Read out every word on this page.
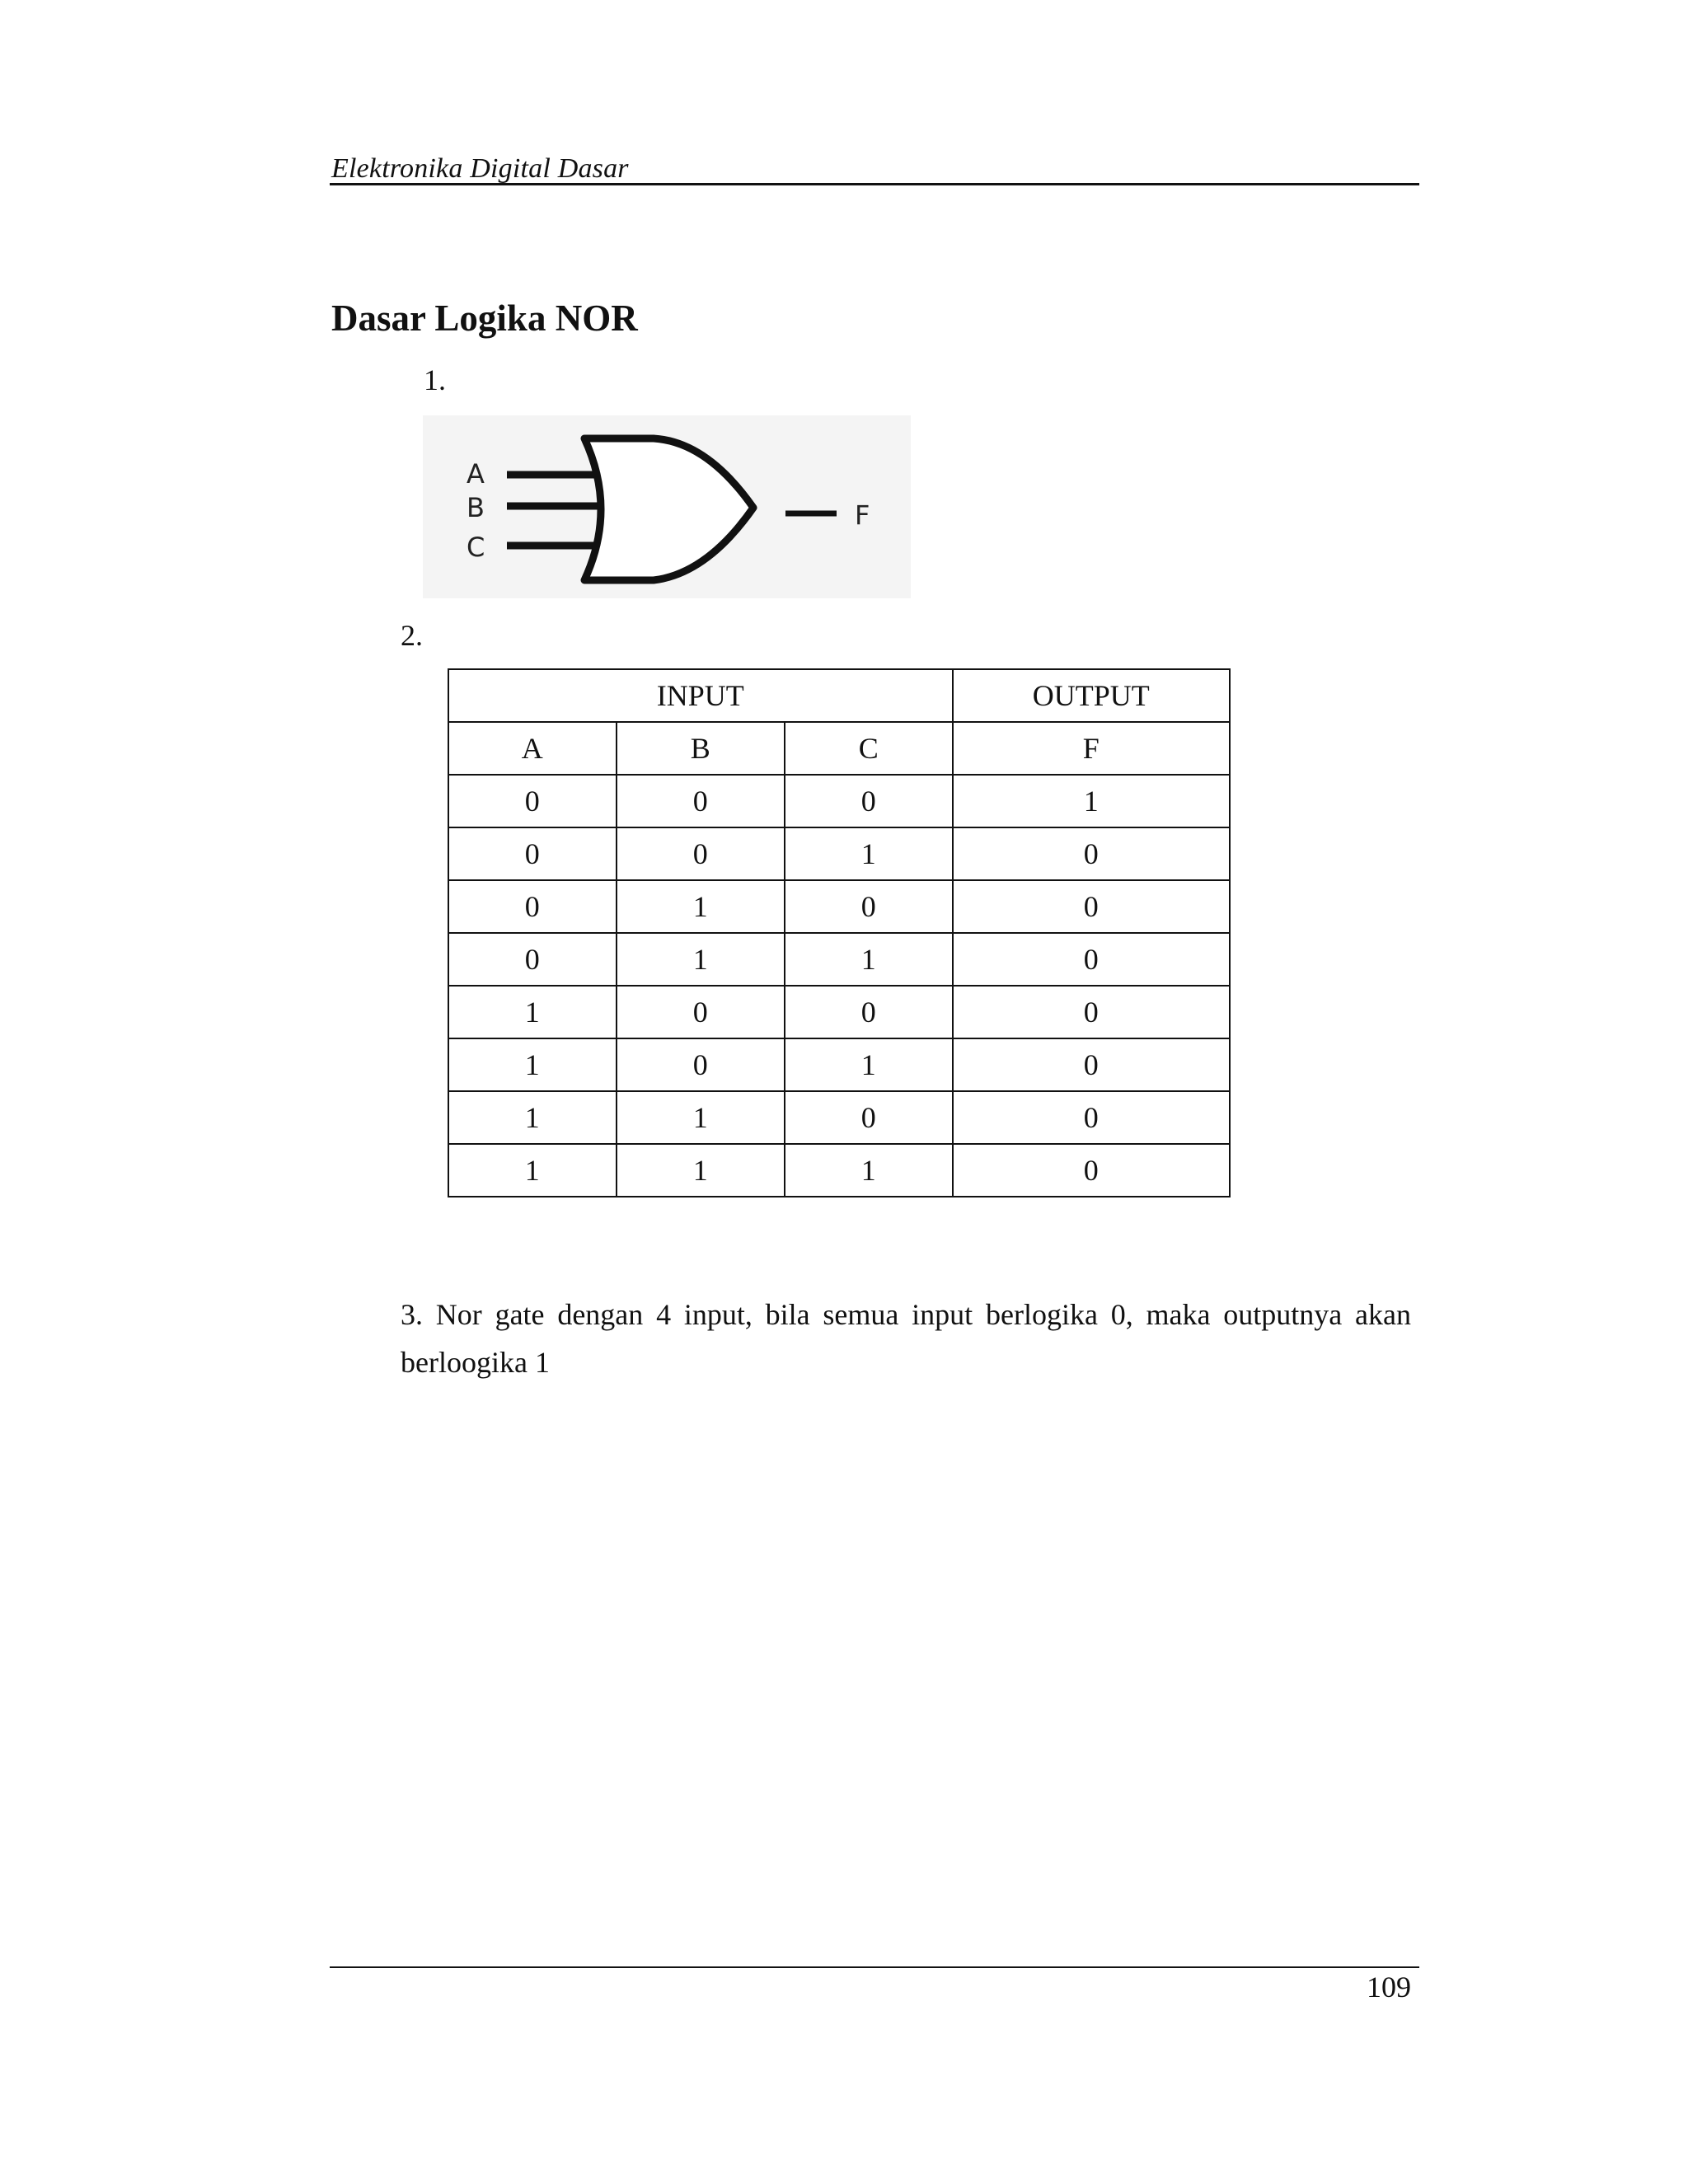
Elektronika Digital Dasar
Dasar Logika NOR
1.
A
B
C
F
2.
INPUT			OUTPUT
A	B	C	F
0	0	0	1
0	0	1	0
0	1	0	0
0	1	1	0
1	0	0	0
1	0	1	0
1	1	0	0
1	1	1	0

3. Nor gate dengan 4 input, bila semua input berlogika 0, maka outputnya akan berloogika 1

109
